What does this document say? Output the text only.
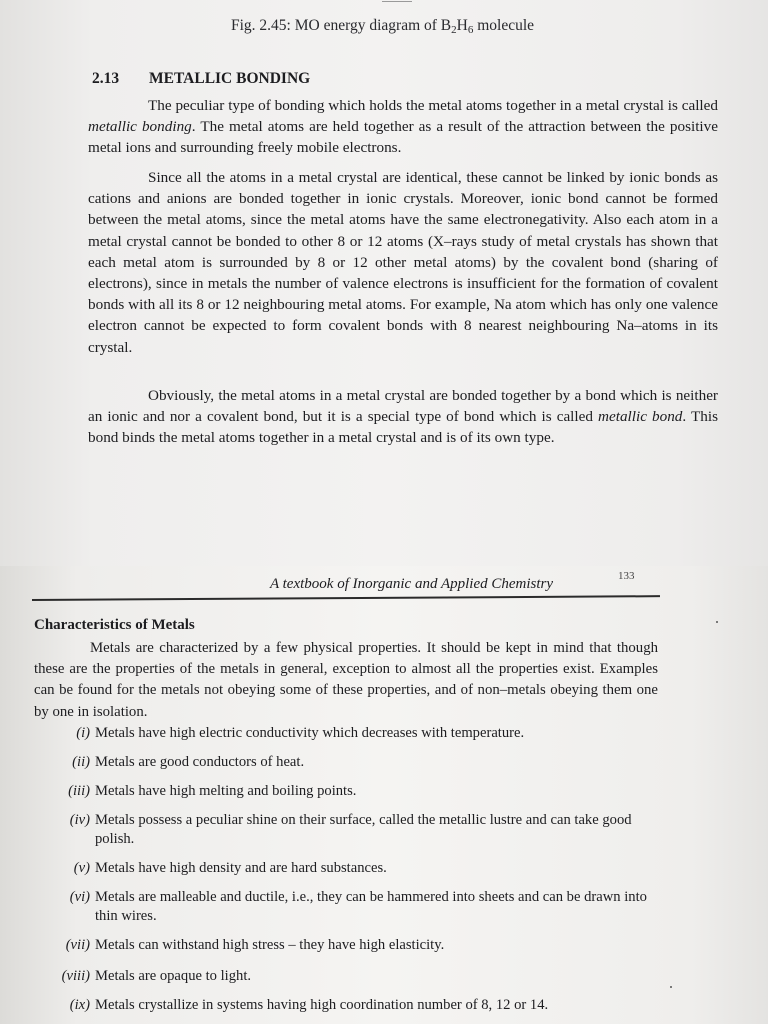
Fig. 2.45: MO energy diagram of $B_2H_6$ molecule
2.13 METALLIC BONDING

The peculiar type of bonding which holds the metal atoms together in a metal crystal is called metallic bonding. The metal atoms are held together as a result of the attraction between the positive metal ions and surrounding freely mobile electrons.

Since all the atoms in a metal crystal are identical, these cannot be linked by ionic bonds as cations and anions are bonded together in ionic crystals. Moreover, ionic bond cannot be formed between the metal atoms, since the metal atoms have the same electronegativity. Also each atom in a metal crystal cannot be bonded to other 8 or 12 atoms (X–rays study of metal crystals has shown that each metal atom is surrounded by 8 or 12 other metal atoms) by the covalent bond (sharing of electrons), since in metals the number of valence electrons is insufficient for the formation of covalent bonds with all its 8 or 12 neighbouring metal atoms. For example, Na atom which has only one valence electron cannot be expected to form covalent bonds with 8 nearest neighbouring Na–atoms in its crystal.

Obviously, the metal atoms in a metal crystal are bonded together by a bond which is neither an ionic and nor a covalent bond, but it is a special type of bond which is called metallic bond. This bond binds the metal atoms together in a metal crystal and is of its own type.

A textbook of Inorganic and Applied Chemistry	133
Characteristics of Metals

Metals are characterized by a few physical properties. It should be kept in mind that though these are the properties of the metals in general, exception to almost all the properties exist. Examples can be found for the metals not obeying some of these properties, and of non–metals obeying them one by one in isolation.

(i) Metals have high electric conductivity which decreases with temperature.
(ii) Metals are good conductors of heat.
(iii) Metals have high melting and boiling points.
(iv) Metals possess a peculiar shine on their surface, called the metallic lustre and can take good polish.
(v) Metals have high density and are hard substances.
(vi) Metals are malleable and ductile, i.e., they can be hammered into sheets and can be drawn into thin wires.
(vii) Metals can withstand high stress – they have high elasticity.
(viii) Metals are opaque to light.
(ix) Metals crystallize in systems having high coordination number of 8, 12 or 14.
